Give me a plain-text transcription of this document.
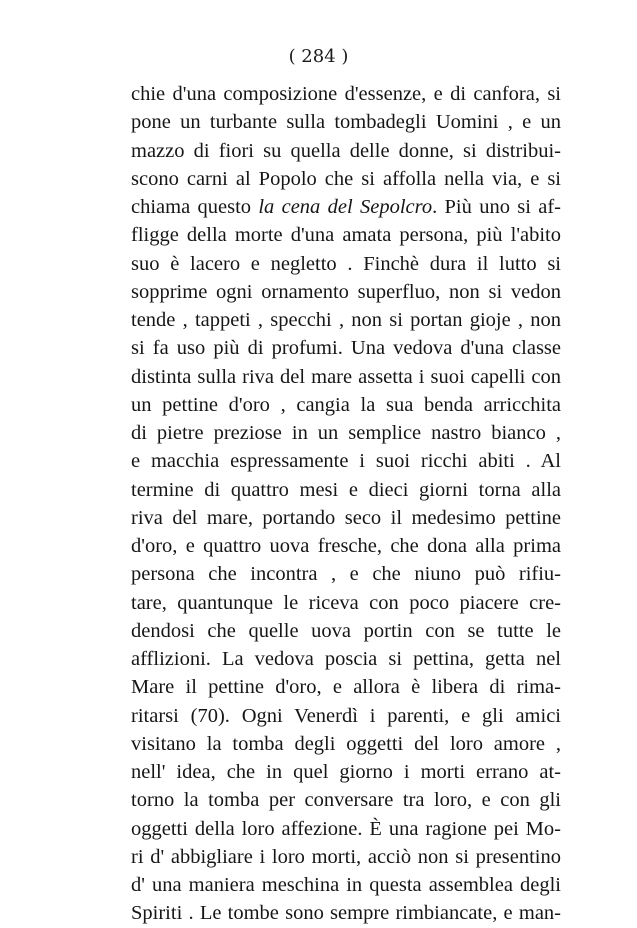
( 284 )
chie d'una composizione d'essenze, e di canfora, si
pone un turbante sulla tombadegli Uomini , e un
mazzo di fiori su quella delle donne, si distribui-
scono carni al Popolo che si affolla nella via, e si
chiama questo la cena del Sepolcro. Più uno si af-
fligge della morte d'una amata persona, più l'abito
suo è lacero e negletto . Finchè dura il lutto si
sopprime ogni ornamento superfluo, non si vedon
tende , tappeti , specchi , non si portan gioje , non
si fa uso più di profumi. Una vedova d'una classe
distinta sulla riva del mare assetta i suoi capelli con
un pettine d'oro , cangia la sua benda arricchita
di pietre preziose in un semplice nastro bianco ,
e macchia espressamente i suoi ricchi abiti . Al
termine di quattro mesi e dieci giorni torna alla
riva del mare, portando seco il medesimo pettine
d'oro, e quattro uova fresche, che dona alla prima
persona che incontra , e che niuno può rifiu-
tare, quantunque le riceva con poco piacere cre-
dendosi che quelle uova portin con se tutte le
afflizioni. La vedova poscia si pettina, getta nel
Mare il pettine d'oro, e allora è libera di rima-
ritarsi (70). Ogni Venerdì i parenti, e gli amici
visitano la tomba degli oggetti del loro amore ,
nell' idea, che in quel giorno i morti errano at-
torno la tomba per conversare tra loro, e con gli
oggetti della loro affezione. È una ragione pei Mo-
ri d' abbigliare i loro morti, acciò non si presentino
d' una maniera meschina in questa assemblea degli
Spiriti . Le tombe sono sempre rimbiancate, e man-
